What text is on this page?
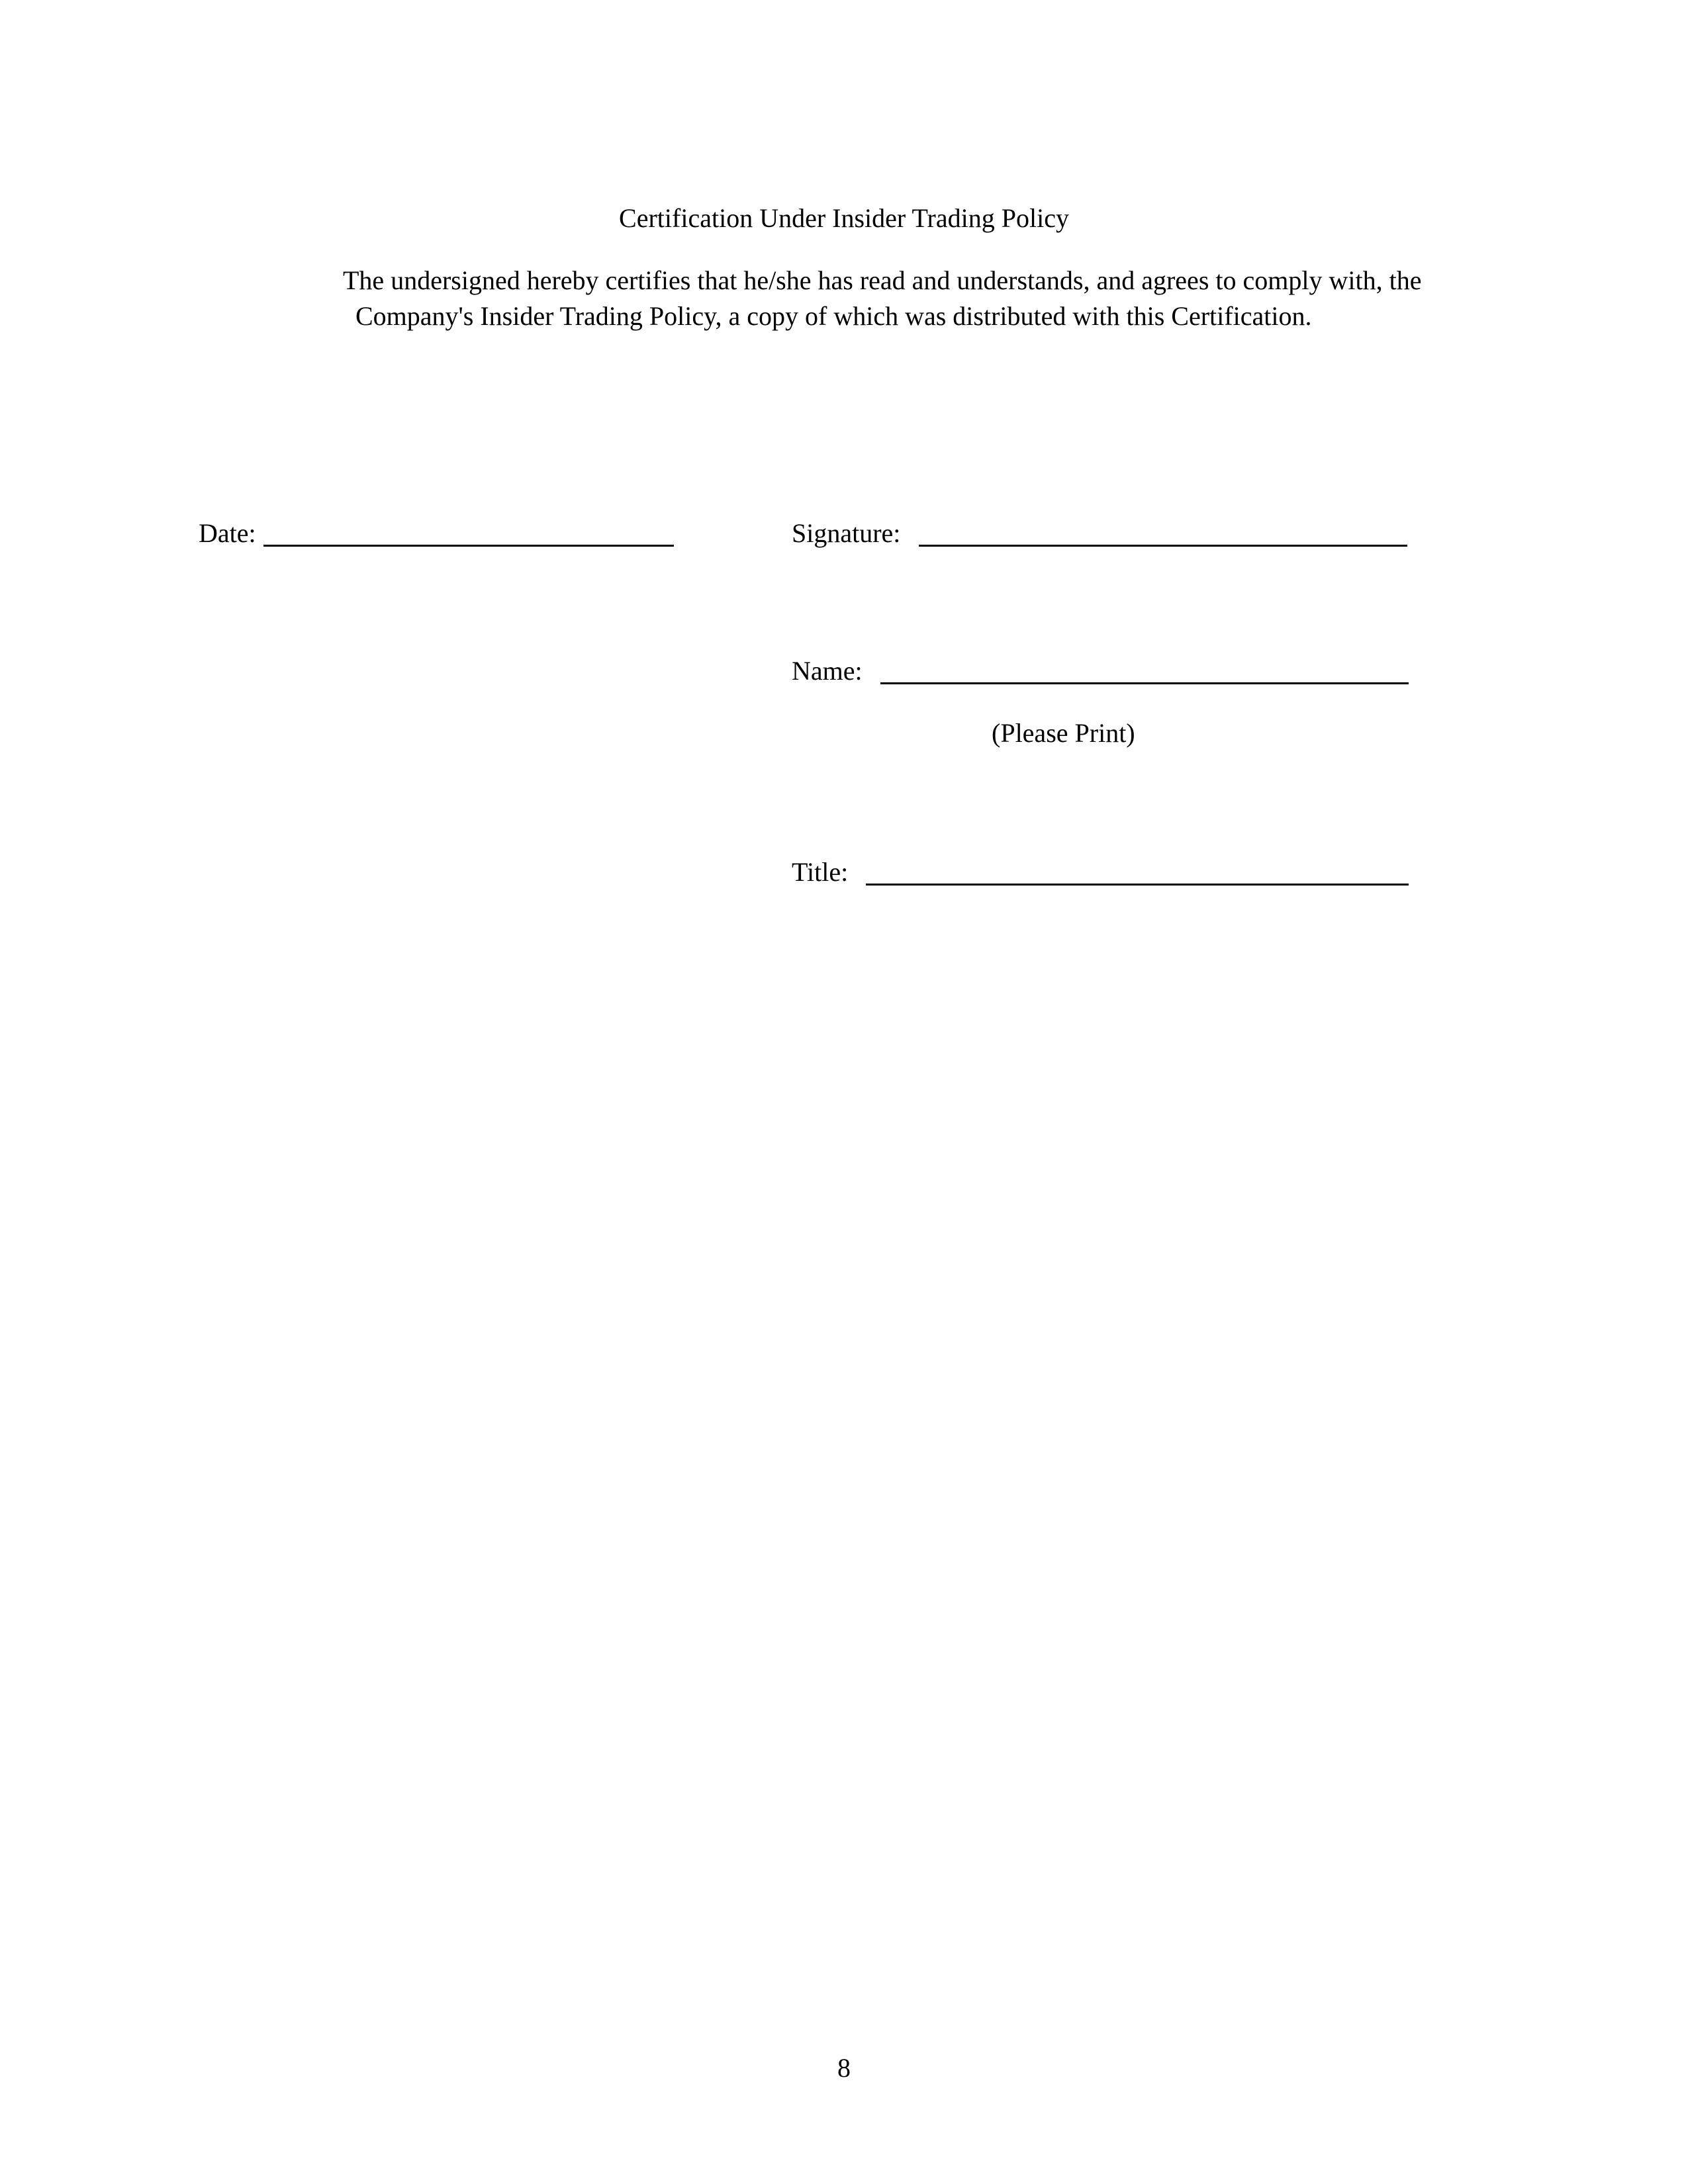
Certification Under Insider Trading Policy
The undersigned hereby certifies that he/she has read and understands, and agrees to comply with, the
Company's Insider Trading Policy, a copy of which was distributed with this Certification.
Date:	Signature:
Name:
(Please Print)
Title:
8
